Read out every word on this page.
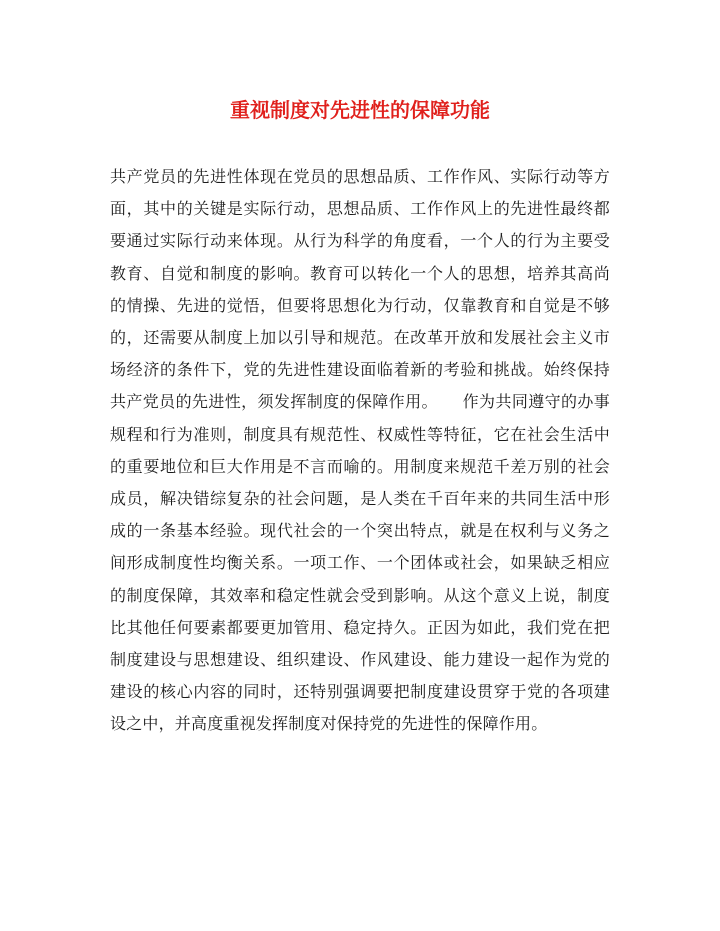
重视制度对先进性的保障功能

共产党员的先进性体现在党员的思想品质、工作作风、实际行动等方面，其中的关键是实际行动，思想品质、工作作风上的先进性最终都要通过实际行动来体现。从行为科学的角度看，一个人的行为主要受教育、自觉和制度的影响。教育可以转化一个人的思想，培养其高尚的情操、先进的觉悟，但要将思想化为行动，仅靠教育和自觉是不够的，还需要从制度上加以引导和规范。在改革开放和发展社会主义市场经济的条件下，党的先进性建设面临着新的考验和挑战。始终保持共产党员的先进性，须发挥制度的保障作用。　　作为共同遵守的办事规程和行为准则，制度具有规范性、权威性等特征，它在社会生活中的重要地位和巨大作用是不言而喻的。用制度来规范千差万别的社会成员，解决错综复杂的社会问题，是人类在千百年来的共同生活中形成的一条基本经验。现代社会的一个突出特点，就是在权利与义务之间形成制度性均衡关系。一项工作、一个团体或社会，如果缺乏相应的制度保障，其效率和稳定性就会受到影响。从这个意义上说，制度比其他任何要素都要更加管用、稳定持久。正因为如此，我们党在把制度建设与思想建设、组织建设、作风建设、能力建设一起作为党的建设的核心内容的同时，还特别强调要把制度建设贯穿于党的各项建设之中，并高度重视发挥制度对保持党的先进性的保障作用。
